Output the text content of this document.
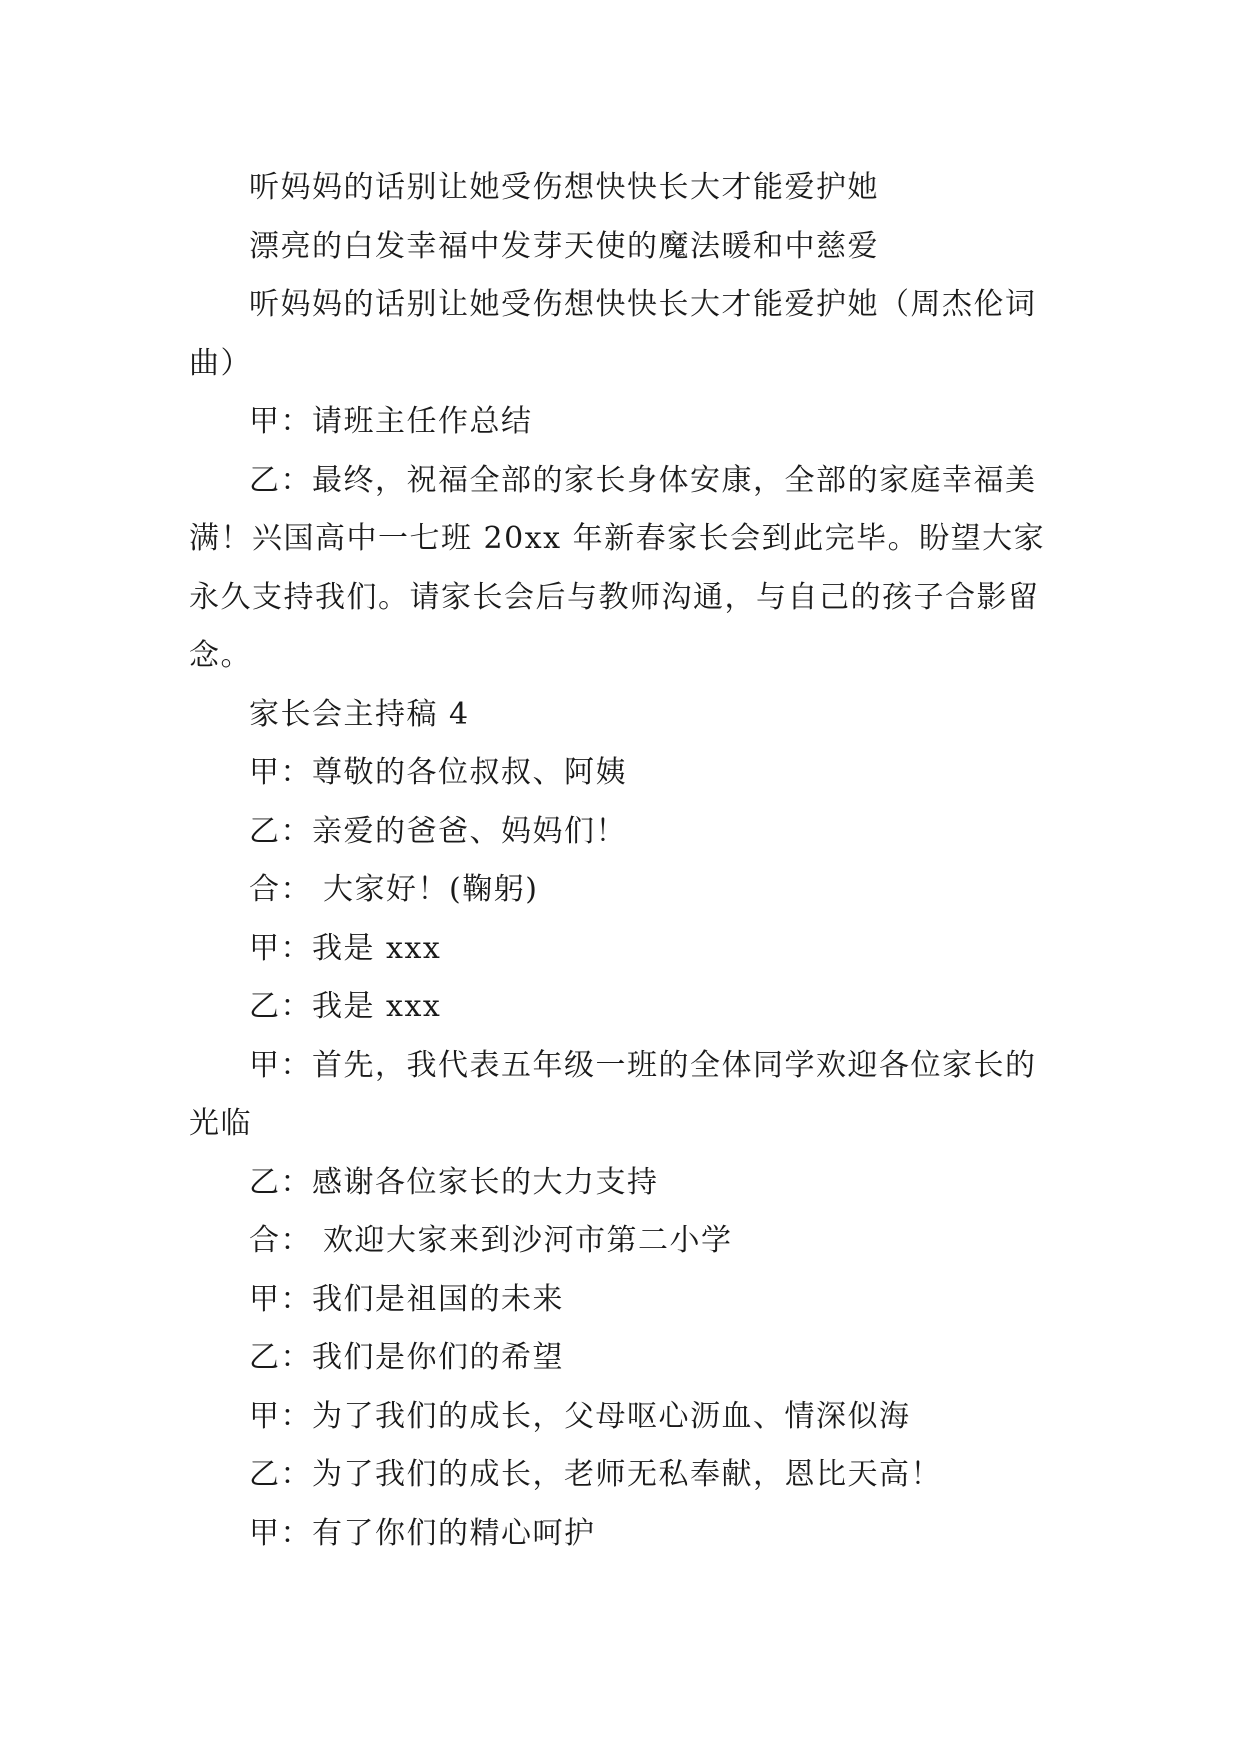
听妈妈的话别让她受伤想快快长大才能爱护她

漂亮的白发幸福中发芽天使的魔法暖和中慈爱

听妈妈的话别让她受伤想快快长大才能爱护她（周杰伦词曲）

甲：请班主任作总结

乙：最终，祝福全部的家长身体安康，全部的家庭幸福美满！兴国高中一七班 20xx 年新春家长会到此完毕。盼望大家永久支持我们。请家长会后与教师沟通，与自己的孩子合影留念。

家长会主持稿 4

甲：尊敬的各位叔叔、阿姨

乙：亲爱的爸爸、妈妈们！

合： 大家好！(鞠躬)

甲：我是 xxx

乙：我是 xxx

甲：首先，我代表五年级一班的全体同学欢迎各位家长的光临

乙：感谢各位家长的大力支持

合： 欢迎大家来到沙河市第二小学

甲：我们是祖国的未来

乙：我们是你们的希望

甲：为了我们的成长，父母呕心沥血、情深似海

乙：为了我们的成长，老师无私奉献，恩比天高！

甲：有了你们的精心呵护
